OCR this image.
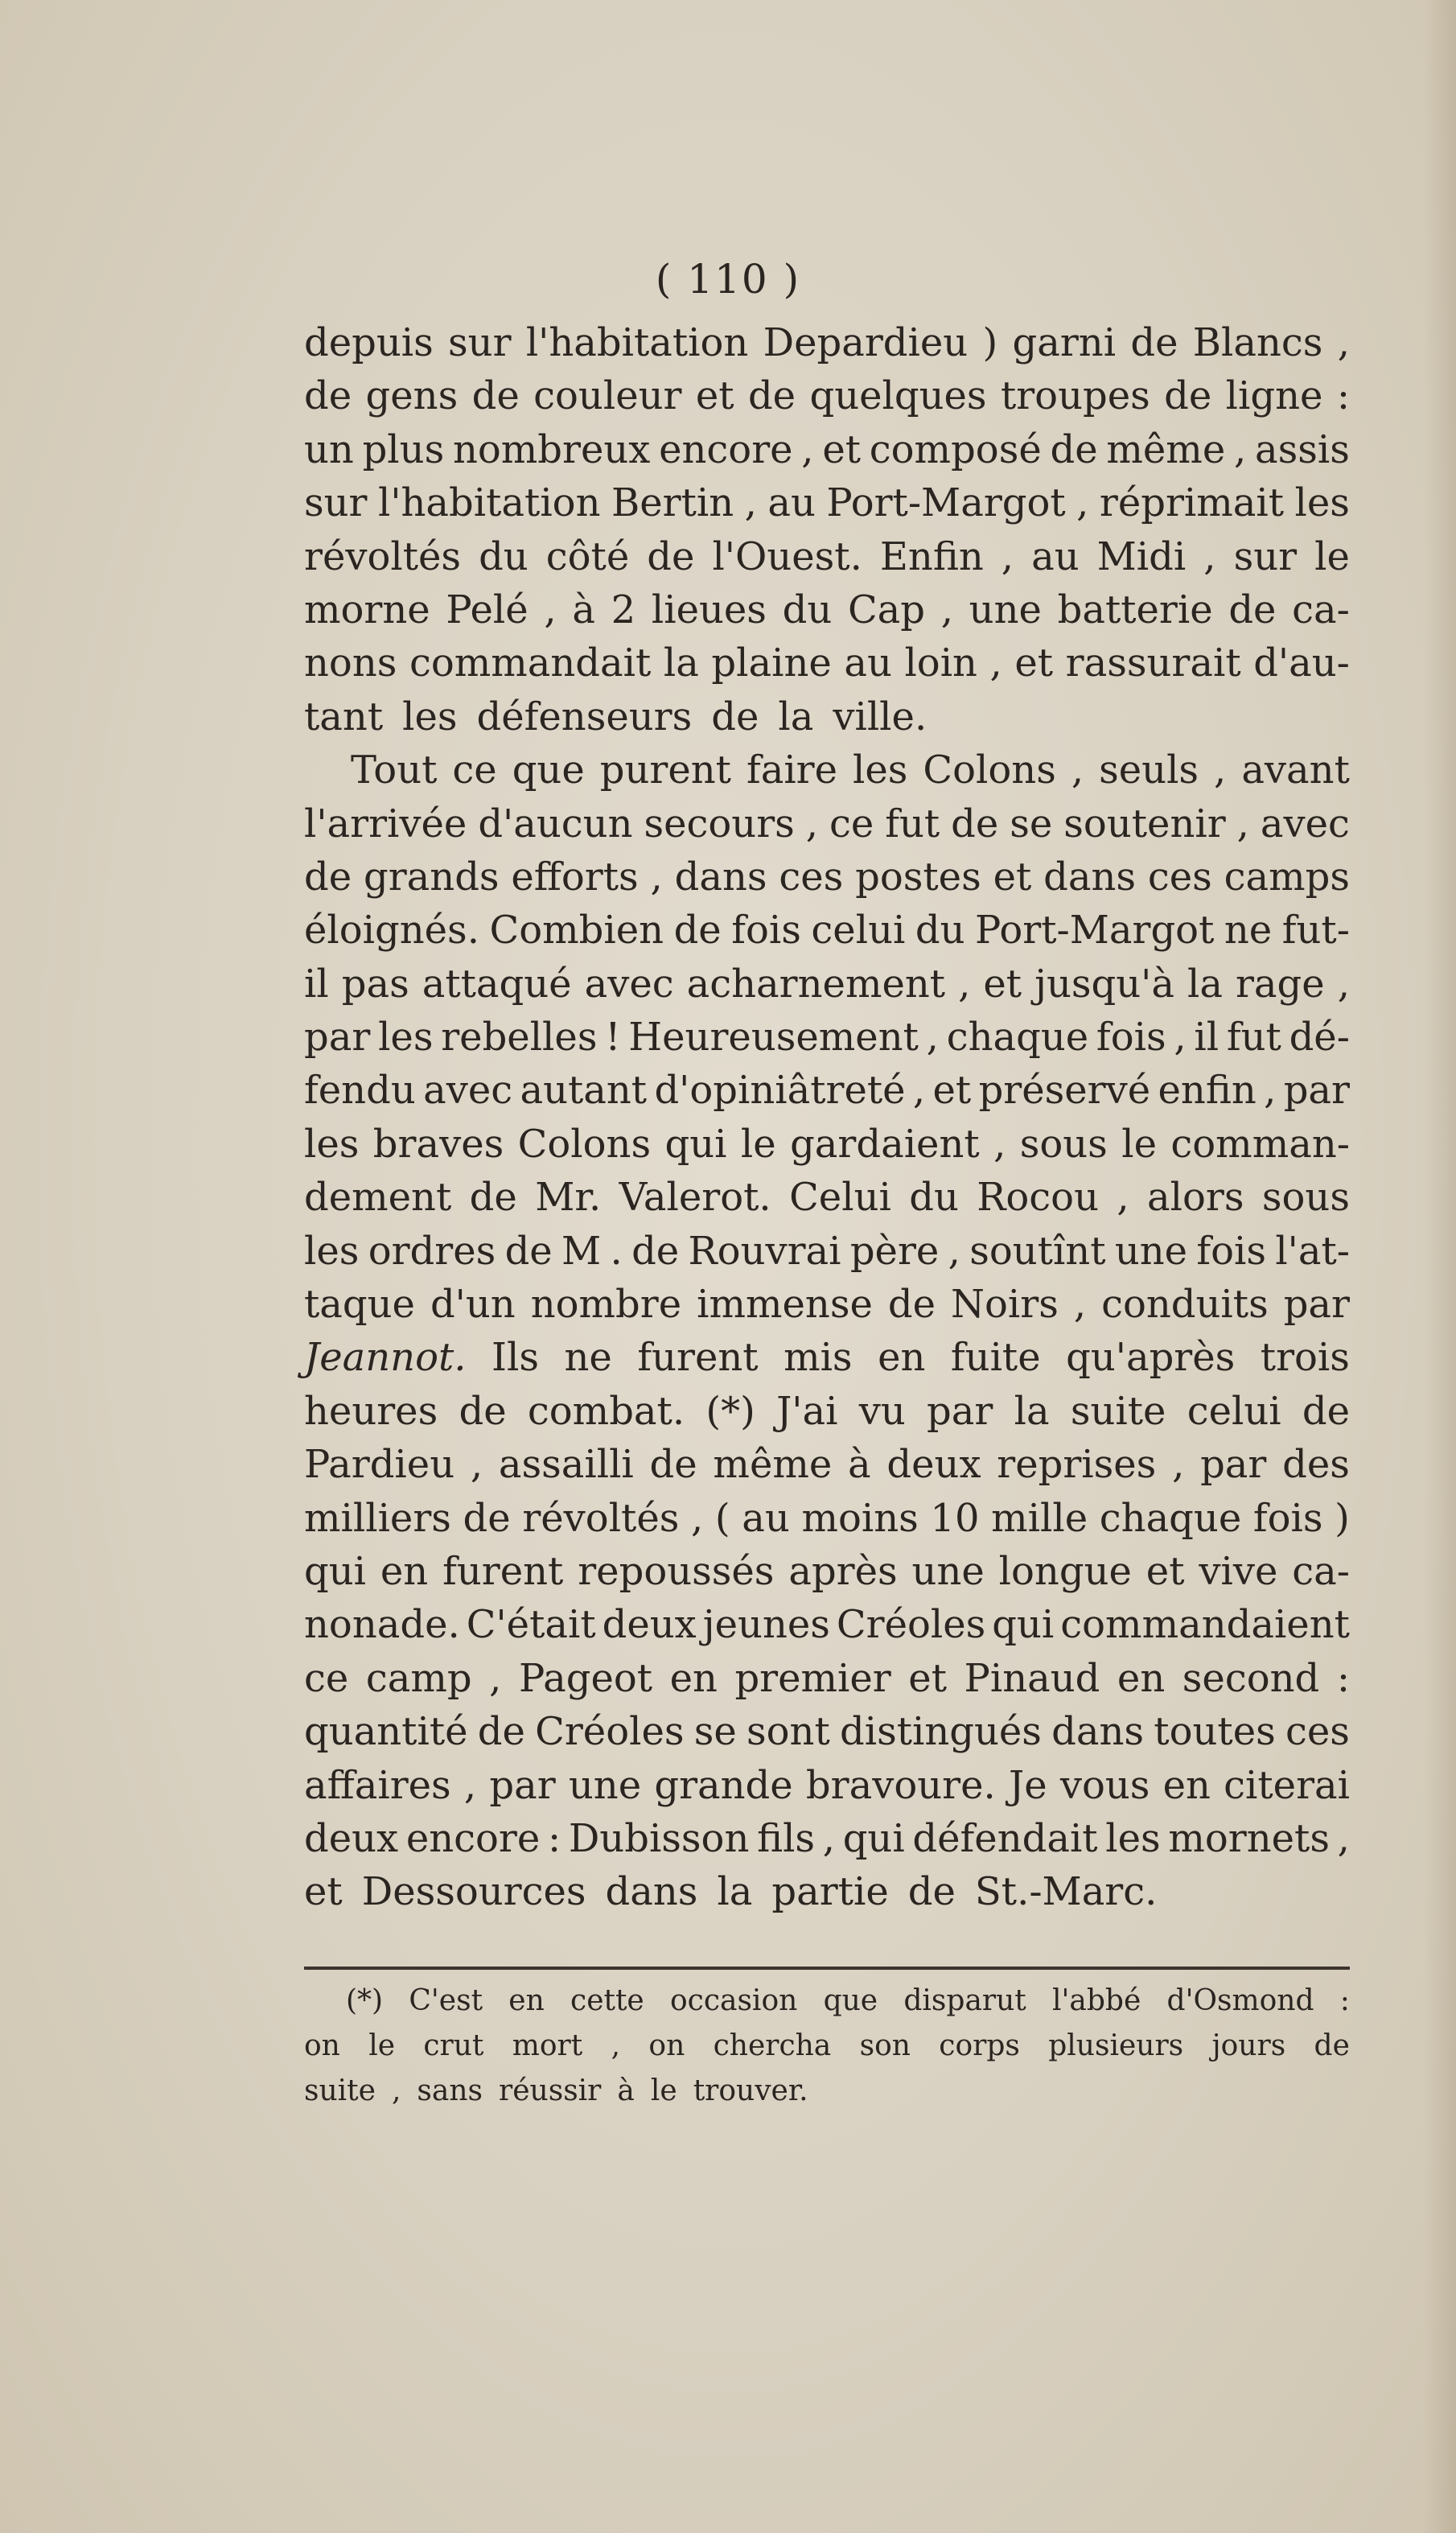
( 110 )
depuis sur l'habitation Depardieu ) garni de Blancs ,
de gens de couleur et de quelques troupes de ligne :
un plus nombreux encore , et composé de même , assis
sur l'habitation Bertin , au Port-Margot , réprimait les
révoltés du côté de l'Ouest. Enfin , au Midi , sur le
morne Pelé , à 2 lieues du Cap , une batterie de ca-
nons commandait la plaine au loin , et rassurait d'au-
tant les défenseurs de la ville.
Tout ce que purent faire les Colons , seuls , avant
l'arrivée d'aucun secours , ce fut de se soutenir , avec
de grands efforts , dans ces postes et dans ces camps
éloignés. Combien de fois celui du Port-Margot ne fut-
il pas attaqué avec acharnement , et jusqu'à la rage ,
par les rebelles ! Heureusement , chaque fois , il fut dé-
fendu avec autant d'opiniâtreté , et préservé enfin , par
les braves Colons qui le gardaient , sous le comman-
dement de Mr. Valerot. Celui du Rocou , alors sous
les ordres de M . de Rouvrai père , soutînt une fois l'at-
taque d'un nombre immense de Noirs , conduits par
Jeannot. Ils ne furent mis en fuite qu'après trois
heures de combat. (*) J'ai vu par la suite celui de
Pardieu , assailli de même à deux reprises , par des
milliers de révoltés , ( au moins 10 mille chaque fois )
qui en furent repoussés après une longue et vive ca-
nonade. C'était deux jeunes Créoles qui commandaient
ce camp , Pageot en premier et Pinaud en second :
quantité de Créoles se sont distingués dans toutes ces
affaires , par une grande bravoure. Je vous en citerai
deux encore : Dubisson fils , qui défendait les mornets ,
et Dessources dans la partie de St.-Marc.
(*) C'est en cette occasion que disparut l'abbé d'Osmond :
on le crut mort , on chercha son corps plusieurs jours de
suite , sans réussir à le trouver.
